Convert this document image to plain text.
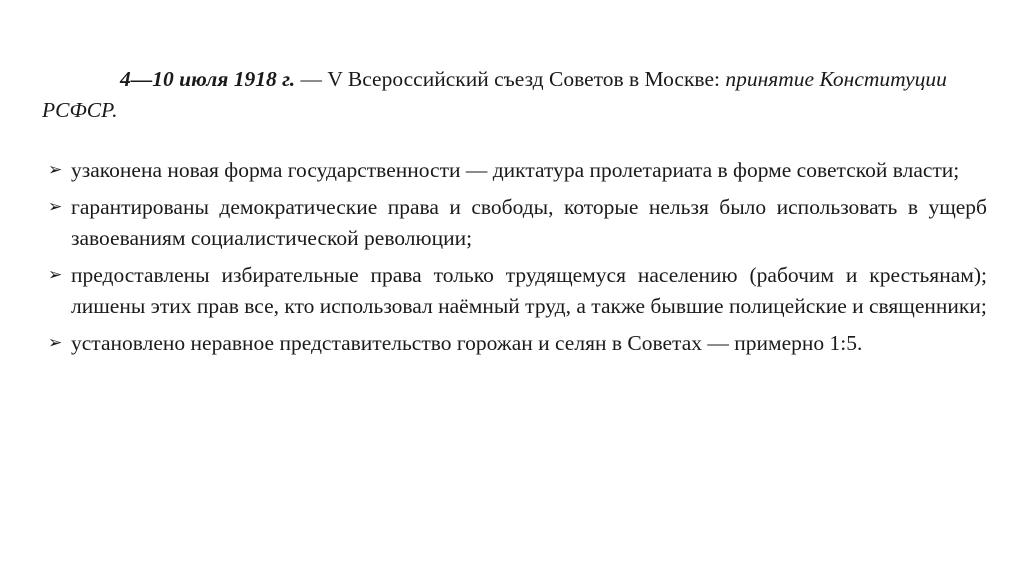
4—10 июля 1918 г. — V Всероссийский съезд Советов в Москве: принятие Конституции РСФСР.

➢ узаконена новая форма государственности — диктатура пролетариата в форме советской власти;
➢ гарантированы демократические права и свободы, которые нельзя было использовать в ущерб завоеваниям социалистической революции;
➢ предоставлены избирательные права только трудящемуся населению (рабочим и крестьянам); лишены этих прав все, кто использовал наёмный труд, а также бывшие полицейские и священники;
➢ установлено неравное представительство горожан и селян в Советах — примерно 1:5.
